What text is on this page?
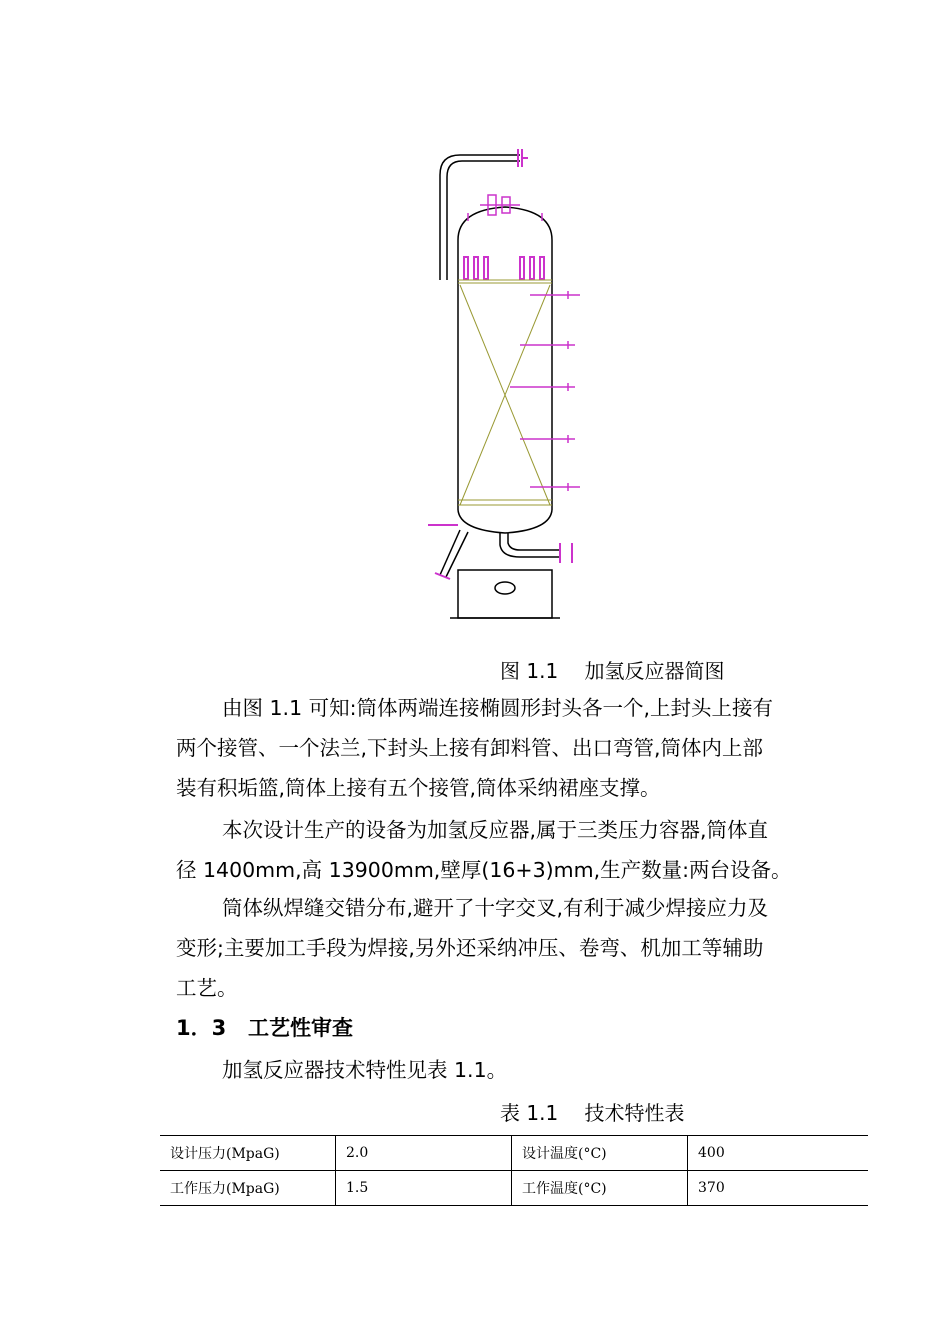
图 1.1　 加氢反应器简图
由图 1.1 可知:筒体两端连接椭圆形封头各一个,上封头上接有
两个接管、一个法兰,下封头上接有卸料管、出口弯管,筒体内上部
装有积垢篮,筒体上接有五个接管,筒体采纳裙座支撑。
本次设计生产的设备为加氢反应器,属于三类压力容器,筒体直
径 1400mm,高 13900mm,壁厚(16+3)mm,生产数量:两台设备。
筒体纵焊缝交错分布,避开了十字交叉,有利于减少焊接应力及
变形;主要加工手段为焊接,另外还采纳冲压、卷弯、机加工等辅助
工艺。
1．3 工艺性审查
加氢反应器技术特性见表 1.1。
表 1.1　 技术特性表
设计压力(MpaG)	2.0	设计温度(°C)	400
工作压力(MpaG)	1.5	工作温度(°C)	370
